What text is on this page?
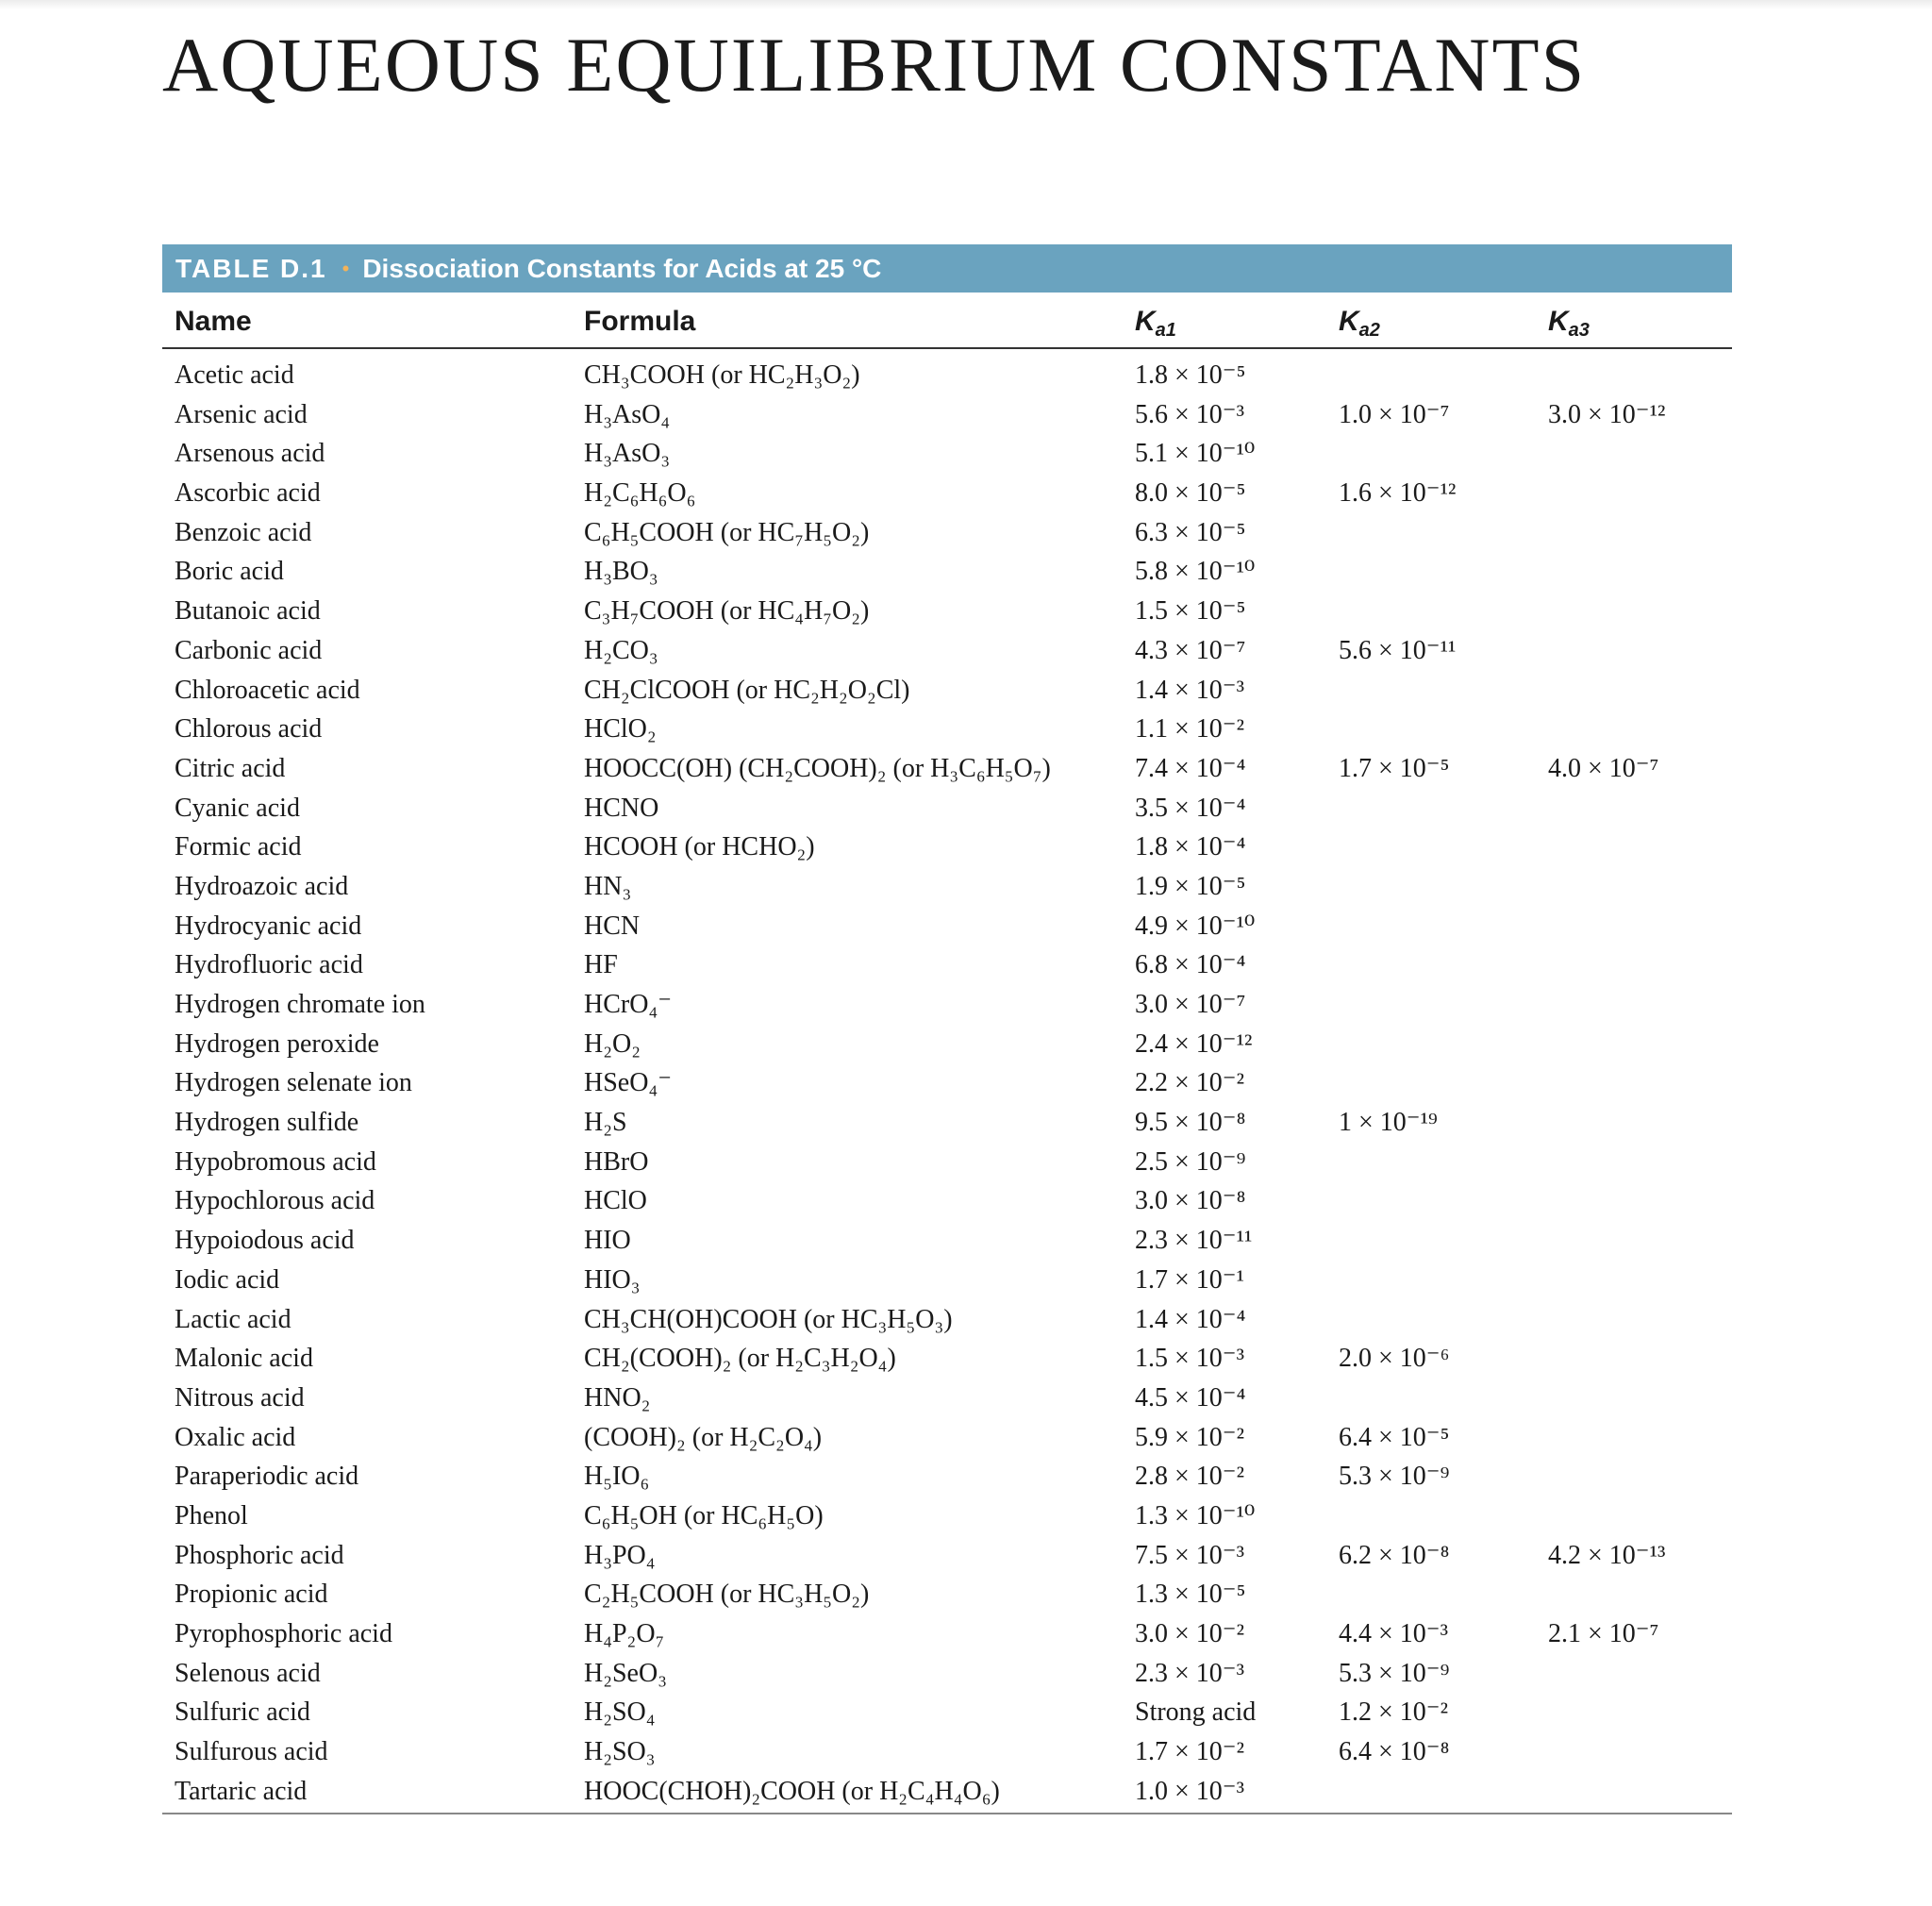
AQUEOUS EQUILIBRIUM CONSTANTS
TABLE D.1 • Dissociation Constants for Acids at 25 °C
Name	Formula	$K_{a1}$	$K_{a2}$	$K_{a3}$
Acetic acid	CH₃COOH (or HC₂H₃O₂)	1.8 × 10⁻⁵
Arsenic acid	H₃AsO₄	5.6 × 10⁻³	1.0 × 10⁻⁷	3.0 × 10⁻¹²
Arsenous acid	H₃AsO₃	5.1 × 10⁻¹⁰
Ascorbic acid	H₂C₆H₆O₆	8.0 × 10⁻⁵	1.6 × 10⁻¹²
Benzoic acid	C₆H₅COOH (or HC₇H₅O₂)	6.3 × 10⁻⁵
Boric acid	H₃BO₃	5.8 × 10⁻¹⁰
Butanoic acid	C₃H₇COOH (or HC₄H₇O₂)	1.5 × 10⁻⁵
Carbonic acid	H₂CO₃	4.3 × 10⁻⁷	5.6 × 10⁻¹¹
Chloroacetic acid	CH₂ClCOOH (or HC₂H₂O₂Cl)	1.4 × 10⁻³
Chlorous acid	HClO₂	1.1 × 10⁻²
Citric acid	HOOCC(OH) (CH₂COOH)₂ (or H₃C₆H₅O₇)	7.4 × 10⁻⁴	1.7 × 10⁻⁵	4.0 × 10⁻⁷
Cyanic acid	HCNO	3.5 × 10⁻⁴
Formic acid	HCOOH (or HCHO₂)	1.8 × 10⁻⁴
Hydroazoic acid	HN₃	1.9 × 10⁻⁵
Hydrocyanic acid	HCN	4.9 × 10⁻¹⁰
Hydrofluoric acid	HF	6.8 × 10⁻⁴
Hydrogen chromate ion	HCrO₄⁻	3.0 × 10⁻⁷
Hydrogen peroxide	H₂O₂	2.4 × 10⁻¹²
Hydrogen selenate ion	HSeO₄⁻	2.2 × 10⁻²
Hydrogen sulfide	H₂S	9.5 × 10⁻⁸	1 × 10⁻¹⁹
Hypobromous acid	HBrO	2.5 × 10⁻⁹
Hypochlorous acid	HClO	3.0 × 10⁻⁸
Hypoiodous acid	HIO	2.3 × 10⁻¹¹
Iodic acid	HIO₃	1.7 × 10⁻¹
Lactic acid	CH₃CH(OH)COOH (or HC₃H₅O₃)	1.4 × 10⁻⁴
Malonic acid	CH₂(COOH)₂ (or H₂C₃H₂O₄)	1.5 × 10⁻³	2.0 × 10⁻⁶
Nitrous acid	HNO₂	4.5 × 10⁻⁴
Oxalic acid	(COOH)₂ (or H₂C₂O₄)	5.9 × 10⁻²	6.4 × 10⁻⁵
Paraperiodic acid	H₅IO₆	2.8 × 10⁻²	5.3 × 10⁻⁹
Phenol	C₆H₅OH (or HC₆H₅O)	1.3 × 10⁻¹⁰
Phosphoric acid	H₃PO₄	7.5 × 10⁻³	6.2 × 10⁻⁸	4.2 × 10⁻¹³
Propionic acid	C₂H₅COOH (or HC₃H₅O₂)	1.3 × 10⁻⁵
Pyrophosphoric acid	H₄P₂O₇	3.0 × 10⁻²	4.4 × 10⁻³	2.1 × 10⁻⁷
Selenous acid	H₂SeO₃	2.3 × 10⁻³	5.3 × 10⁻⁹
Sulfuric acid	H₂SO₄	Strong acid	1.2 × 10⁻²
Sulfurous acid	H₂SO₃	1.7 × 10⁻²	6.4 × 10⁻⁸
Tartaric acid	HOOC(CHOH)₂COOH (or H₂C₄H₄O₆)	1.0 × 10⁻³
